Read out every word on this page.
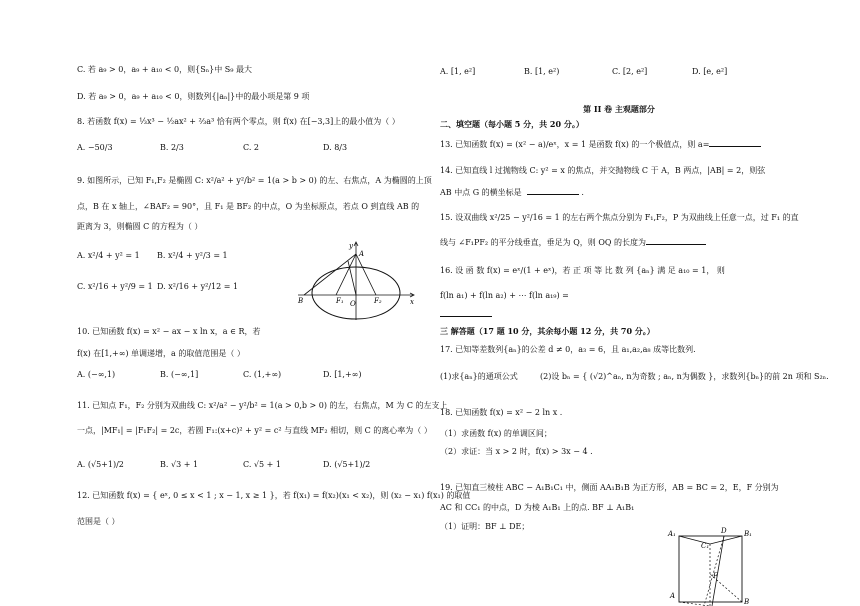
C. 若 a₉ > 0，a₉ + a₁₀ < 0，则{Sₙ}中 S₉ 最大
D. 若 a₉ > 0，a₉ + a₁₀ < 0，则数列{|aₙ|}中的最小项是第 9 项
8. 若函数 f(x) = ⅓x³ − ½ax² + ⅔a³ 恰有两个零点，则 f(x) 在[−3,3]上的最小值为（ ）
A. −50/3	B. 2/3	C. 2	D. 8/3
9. 如图所示，已知 F₁,F₂ 是椭圆 C: x²/a² + y²/b² = 1(a > b > 0) 的左、右焦点，A 为椭圆的上顶
点，B 在 x 轴上，∠BAF₂ = 90°，且 F₁ 是 BF₂ 的中点，O 为坐标原点，若点 O 到直线 AB 的
距离为 3，则椭圆 C 的方程为（ ）
A. x²/4 + y² = 1 B. x²/4 + y²/3 = 1
C. x²/16 + y²/9 = 1 D. x²/16 + y²/12 = 1
y
A
B	F₁ O	F₂	x
10. 已知函数 f(x) = x² − ax − x ln x，a ∈ R，若
f(x) 在[1,+∞) 单调递增，a 的取值范围是（ ）
A. (−∞,1)	B. (−∞,1]	C. (1,+∞)	D. [1,+∞)
11. 已知点 F₁，F₂ 分别为双曲线 C: x²/a² − y²/b² = 1(a > 0,b > 0) 的左，右焦点，M 为 C 的左支上
一点，|MF₁| = |F₁F₂| = 2c，若圆 F₁:(x+c)² + y² = c² 与直线 MF₂ 相切，则 C 的离心率为（ ）
A. (√5+1)/2	B. √3 + 1	C. √5 + 1	D. (√5+1)/2
12. 已知函数 f(x) = { eˣ, 0 ≤ x < 1 ; x − 1, x ≥ 1 }，若 f(x₁) = f(x₂)(x₁ < x₂)，则 (x₂ − x₁) f(x₁) 的取值
范围是（ ）
A. [1, e²]	B. [1, e²)	C. [2, e²]	D. [e, e²]
第 II 卷 主观题部分
二、填空题（每小题 5 分，共 20 分。）
13. 已知函数 f(x) = (x² − a)/eˣ，x = 1 是函数 f(x) 的一个极值点，则 a=
14. 已知直线 l 过抛物线 C: y² = x 的焦点，并交抛物线 C 于 A，B 两点，|AB| = 2，则弦
AB 中点 G 的横坐标是	.
15. 设双曲线 x²/25 − y²/16 = 1 的左右两个焦点分别为 F₁,F₂，P 为双曲线上任意一点，过 F₁ 的直
线与 ∠F₁PF₂ 的平分线垂直，垂足为 Q，则 OQ 的长度为
16. 设 函 数 f(x) = eˣ/(1 + eˣ)，若 正 项 等 比 数 列 {aₙ} 满 足 a₁₀ = 1， 则
f(ln a₁) + f(ln a₂) + ⋯ f(ln a₁₉) =
三 解答题（17 题 10 分，其余每小题 12 分，共 70 分。）
17. 已知等差数列{aₙ}的公差 d ≠ 0，a₃ = 6，且 a₁,a₂,a₈ 成等比数列.
(1)求{aₙ}的通项公式	(2)设 bₙ = { (√2)^aₙ, n为奇数 ; aₙ, n为偶数 }，求数列{bₙ}的前 2n 项和 S₂ₙ.
18. 已知函数 f(x) = x² − 2 ln x .
（1）求函数 f(x) 的单调区间；
（2）求证：当 x > 2 时，f(x) > 3x − 4 .
19. 已知直三棱柱 ABC − A₁B₁C₁ 中，侧面 AA₁B₁B 为正方形，AB = BC = 2，E，F 分别为
AC 和 CC₁ 的中点，D 为棱 A₁B₁ 上的点. BF ⊥ A₁B₁
（1）证明：BF ⊥ DE；
A₁	D B₁
C₁
F
A
B
